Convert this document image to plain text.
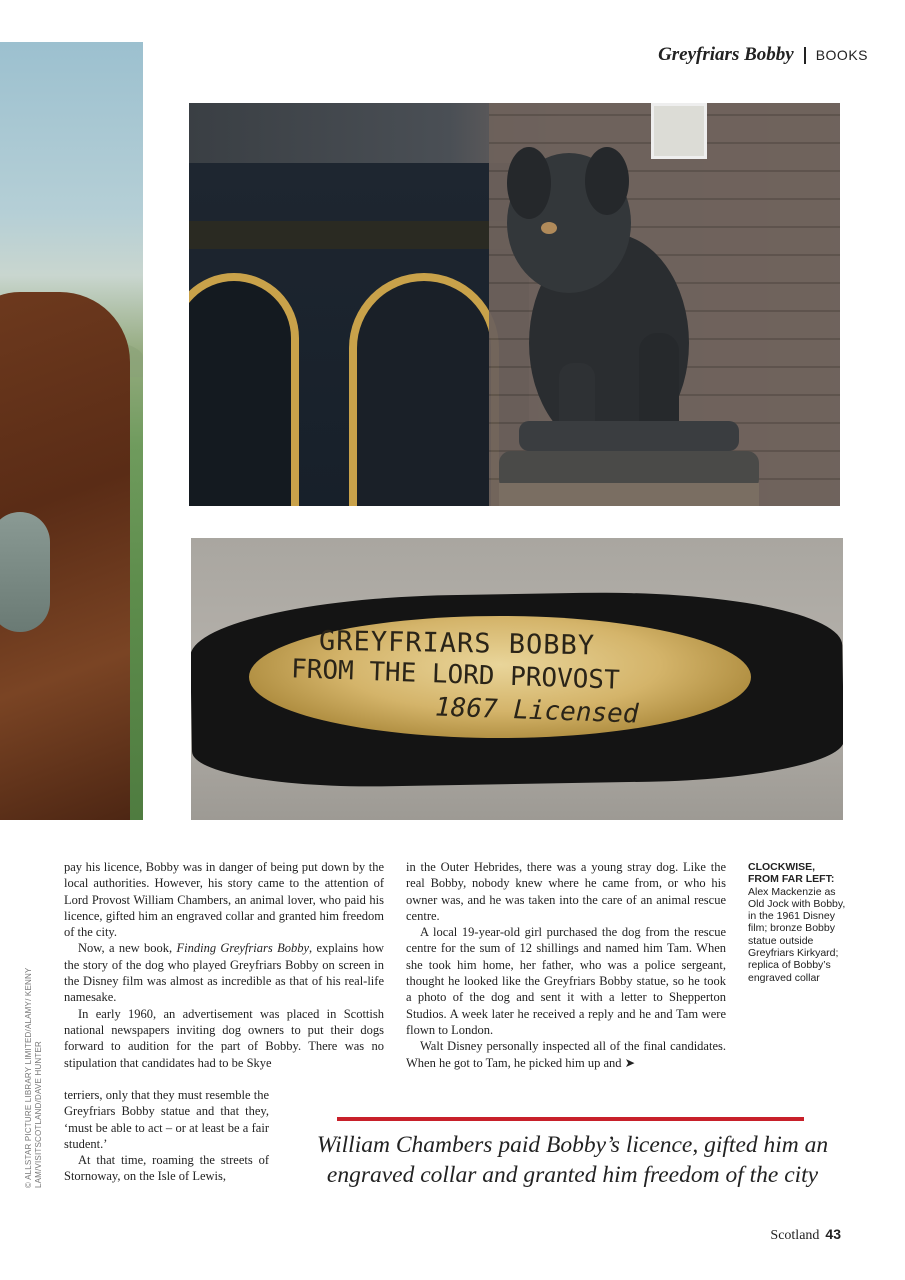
Greyfriars Bobby BOOKS
GREYFRIARS BOBBY
FROM THE LORD PROVOST
1867 Licensed
© ALLSTAR PICTURE LIBRARY LIMITED/ALAMY/ KENNY LAM/VISITSCOTLAND/DAVE HUNTER

pay his licence, Bobby was in danger of being put down by the local authorities. However, his story came to the attention of Lord Provost William Chambers, an animal lover, who paid his licence, gifted him an engraved collar and granted him freedom of the city.

Now, a new book, Finding Greyfriars Bobby, explains how the story of the dog who played Greyfriars Bobby on screen in the Disney film was almost as incredible as that of his real-life namesake.

In early 1960, an advertisement was placed in Scottish national newspapers inviting dog owners to put their dogs forward to audition for the part of Bobby. There was no stipulation that candidates had to be Skye

terriers, only that they must resemble the Greyfriars Bobby statue and that they, ‘must be able to act – or at least be a fair student.’

At that time, roaming the streets of Stornoway, on the Isle of Lewis,

in the Outer Hebrides, there was a young stray dog. Like the real Bobby, nobody knew where he came from, or who his owner was, and he was taken into the care of an animal rescue centre.

A local 19-year-old girl purchased the dog from the rescue centre for the sum of 12 shillings and named him Tam. When she took him home, her father, who was a police sergeant, thought he looked like the Greyfriars Bobby statue, so he took a photo of the dog and sent it with a letter to Shepperton Studios. A week later he received a reply and he and Tam were flown to London.

Walt Disney personally inspected all of the final candidates. When he got to Tam, he picked him up and ➤

CLOCKWISE, FROM FAR LEFT:
Alex Mackenzie as Old Jock with Bobby, in the 1961 Disney film; bronze Bobby statue outside Greyfriars Kirkyard; replica of Bobby’s engraved collar
William Chambers paid Bobby’s licence, gifted him an engraved collar and granted him freedom of the city
Scotland 43
